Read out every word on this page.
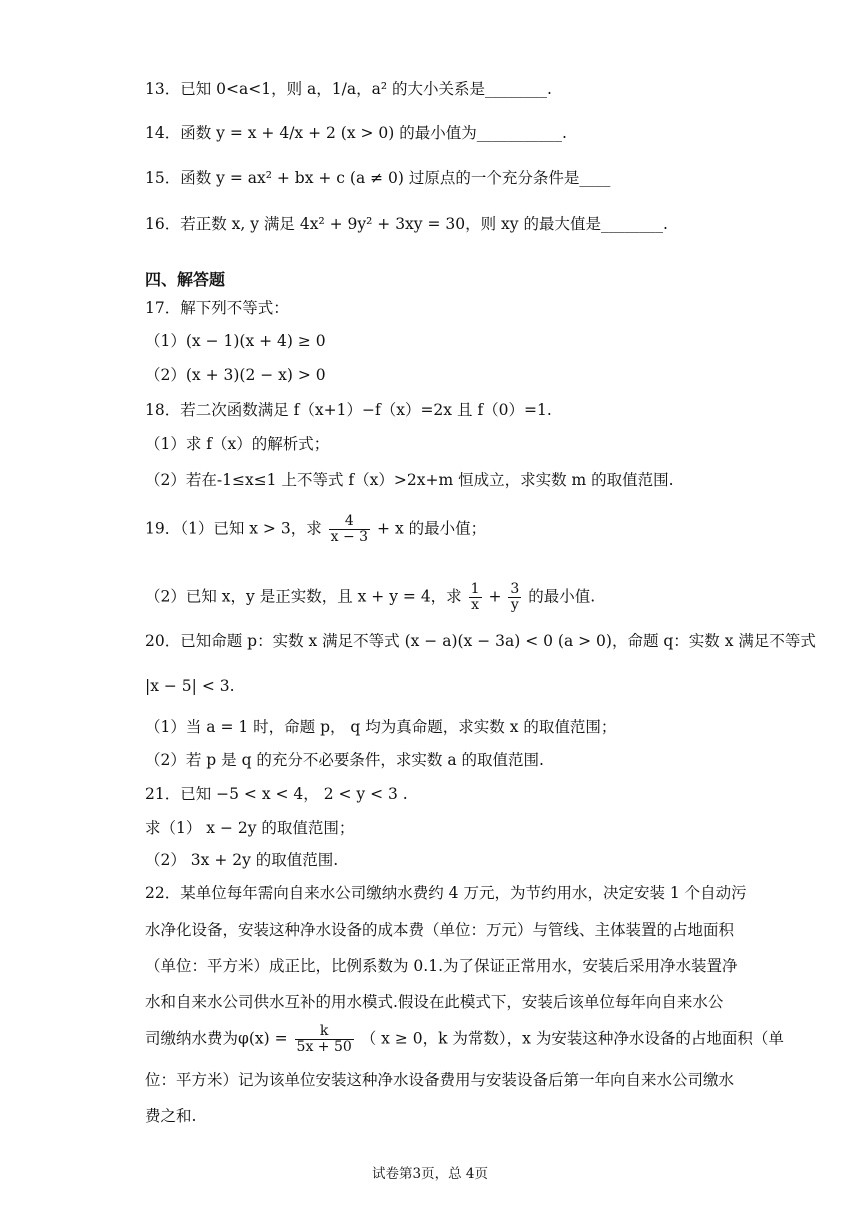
13．已知 0<a<1，则 a，1/a，a² 的大小关系是________.
14．函数 y = x + 4/x + 2 (x > 0) 的最小值为___________.
15．函数 y = ax² + bx + c (a ≠ 0) 过原点的一个充分条件是____
16．若正数 x, y 满足 4x² + 9y² + 3xy = 30，则 xy 的最大值是________.
四、解答题
17．解下列不等式：
（1）(x − 1)(x + 4) ≥ 0
（2）(x + 3)(2 − x) > 0
18．若二次函数满足 f（x+1）−f（x）=2x 且 f（0）=1.
（1）求 f（x）的解析式；
（2）若在-1≤x≤1 上不等式 f（x）>2x+m 恒成立，求实数 m 的取值范围.
19．（1）已知 x > 3，求 $\frac{4}{x - 3} + x$ 的最小值；
（2）已知 x，y 是正实数，且 x + y = 4，求 $\frac{1}{x} + \frac{3}{y}$ 的最小值.
20．已知命题 p：实数 x 满足不等式 (x − a)(x − 3a) < 0 (a > 0)，命题 q：实数 x 满足不等式
|x − 5| < 3.
（1）当 a = 1 时，命题 p， q 均为真命题，求实数 x 的取值范围；
（2）若 p 是 q 的充分不必要条件，求实数 a 的取值范围.
21．已知 −5 < x < 4， 2 < y < 3 .
求（1） x − 2y 的取值范围；
（2） 3x + 2y 的取值范围.
22．某单位每年需向自来水公司缴纳水费约 4 万元，为节约用水，决定安装 1 个自动污
水净化设备，安装这种净水设备的成本费（单位：万元）与管线、主体装置的占地面积
（单位：平方米）成正比，比例系数为 0.1.为了保证正常用水，安装后采用净水装置净
水和自来水公司供水互补的用水模式.假设在此模式下，安装后该单位每年向自来水公
司缴纳水费为$\varphi(x) = \frac{k}{5x + 50}$ （ x ≥ 0，k 为常数），x 为安装这种净水设备的占地面积（单
位：平方米）记为该单位安装这种净水设备费用与安装设备后第一年向自来水公司缴水
费之和.
试卷第3页，总 4页
